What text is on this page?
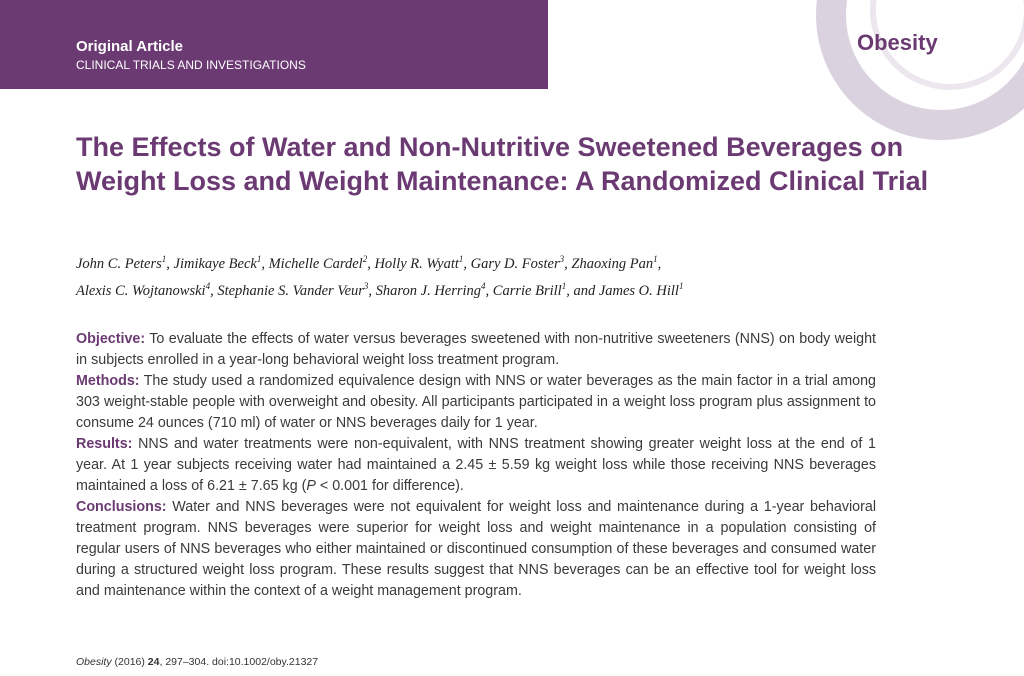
Original Article
CLINICAL TRIALS AND INVESTIGATIONS
Obesity
The Effects of Water and Non-Nutritive Sweetened Beverages on Weight Loss and Weight Maintenance: A Randomized Clinical Trial
John C. Peters$^1$, Jimikaye Beck$^1$, Michelle Cardel$^2$, Holly R. Wyatt$^1$, Gary D. Foster$^3$, Zhaoxing Pan$^1$,
Alexis C. Wojtanowski$^4$, Stephanie S. Vander Veur$^3$, Sharon J. Herring$^4$, Carrie Brill$^1$, and James O. Hill$^1$

Objective: To evaluate the effects of water versus beverages sweetened with non-nutritive sweeteners (NNS) on body weight in subjects enrolled in a year-long behavioral weight loss treatment program.

Methods: The study used a randomized equivalence design with NNS or water beverages as the main factor in a trial among 303 weight-stable people with overweight and obesity. All participants participated in a weight loss program plus assignment to consume 24 ounces (710 ml) of water or NNS beverages daily for 1 year.

Results: NNS and water treatments were non-equivalent, with NNS treatment showing greater weight loss at the end of 1 year. At 1 year subjects receiving water had maintained a 2.45 ± 5.59 kg weight loss while those receiving NNS beverages maintained a loss of 6.21 ± 7.65 kg (P < 0.001 for difference).

Conclusions: Water and NNS beverages were not equivalent for weight loss and maintenance during a 1-year behavioral treatment program. NNS beverages were superior for weight loss and weight maintenance in a population consisting of regular users of NNS beverages who either maintained or discontinued consumption of these beverages and consumed water during a structured weight loss program. These results suggest that NNS beverages can be an effective tool for weight loss and maintenance within the context of a weight management program.

Obesity (2016) 24, 297–304. doi:10.1002/oby.21327
